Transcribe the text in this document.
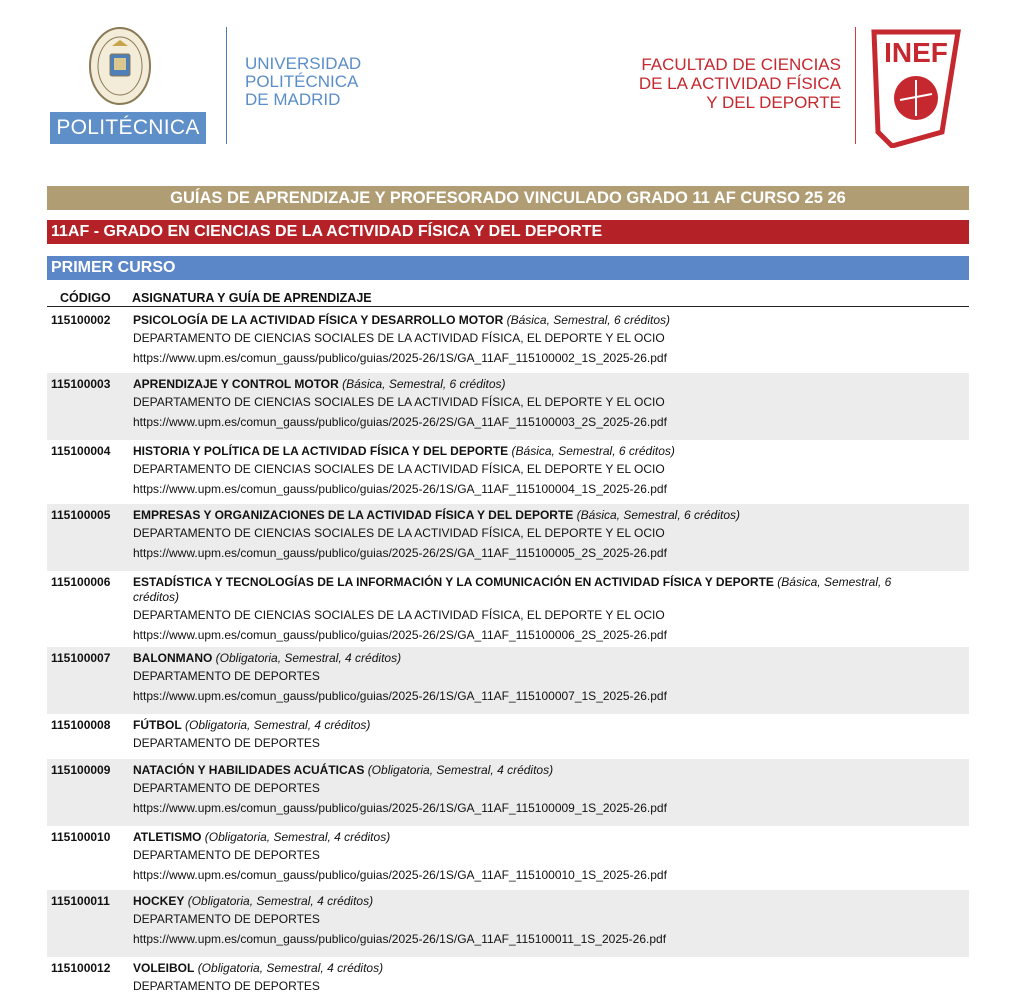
POLITÉCNICA
UNIVERSIDAD
POLITÉCNICA
DE MADRID
FACULTAD DE CIENCIAS
DE LA ACTIVIDAD FÍSICA
Y DEL DEPORTE
INEF
GUÍAS DE APRENDIZAJE Y PROFESORADO VINCULADO GRADO 11 AF CURSO 25 26
11AF - GRADO EN CIENCIAS DE LA ACTIVIDAD FÍSICA Y DEL DEPORTE
PRIMER CURSO
CÓDIGO ASIGNATURA Y GUÍA DE APRENDIZAJE
115100002 PSICOLOGÍA DE LA ACTIVIDAD FÍSICA Y DESARROLLO MOTOR (Básica, Semestral, 6 créditos)
DEPARTAMENTO DE CIENCIAS SOCIALES DE LA ACTIVIDAD FÍSICA, EL DEPORTE Y EL OCIO
https://www.upm.es/comun_gauss/publico/guias/2025-26/1S/GA_11AF_115100002_1S_2025-26.pdf
115100003 APRENDIZAJE Y CONTROL MOTOR (Básica, Semestral, 6 créditos)
DEPARTAMENTO DE CIENCIAS SOCIALES DE LA ACTIVIDAD FÍSICA, EL DEPORTE Y EL OCIO
https://www.upm.es/comun_gauss/publico/guias/2025-26/2S/GA_11AF_115100003_2S_2025-26.pdf
115100004 HISTORIA Y POLÍTICA DE LA ACTIVIDAD FÍSICA Y DEL DEPORTE (Básica, Semestral, 6 créditos)
DEPARTAMENTO DE CIENCIAS SOCIALES DE LA ACTIVIDAD FÍSICA, EL DEPORTE Y EL OCIO
https://www.upm.es/comun_gauss/publico/guias/2025-26/1S/GA_11AF_115100004_1S_2025-26.pdf
115100005 EMPRESAS Y ORGANIZACIONES DE LA ACTIVIDAD FÍSICA Y DEL DEPORTE (Básica, Semestral, 6 créditos)
DEPARTAMENTO DE CIENCIAS SOCIALES DE LA ACTIVIDAD FÍSICA, EL DEPORTE Y EL OCIO
https://www.upm.es/comun_gauss/publico/guias/2025-26/2S/GA_11AF_115100005_2S_2025-26.pdf
115100006 ESTADÍSTICA Y TECNOLOGÍAS DE LA INFORMACIÓN Y LA COMUNICACIÓN EN ACTIVIDAD FÍSICA Y DEPORTE (Básica, Semestral, 6 créditos)
DEPARTAMENTO DE CIENCIAS SOCIALES DE LA ACTIVIDAD FÍSICA, EL DEPORTE Y EL OCIO
https://www.upm.es/comun_gauss/publico/guias/2025-26/2S/GA_11AF_115100006_2S_2025-26.pdf
115100007 BALONMANO (Obligatoria, Semestral, 4 créditos)
DEPARTAMENTO DE DEPORTES
https://www.upm.es/comun_gauss/publico/guias/2025-26/1S/GA_11AF_115100007_1S_2025-26.pdf
115100008 FÚTBOL (Obligatoria, Semestral, 4 créditos)
DEPARTAMENTO DE DEPORTES
115100009 NATACIÓN Y HABILIDADES ACUÁTICAS (Obligatoria, Semestral, 4 créditos)
DEPARTAMENTO DE DEPORTES
https://www.upm.es/comun_gauss/publico/guias/2025-26/1S/GA_11AF_115100009_1S_2025-26.pdf
115100010 ATLETISMO (Obligatoria, Semestral, 4 créditos)
DEPARTAMENTO DE DEPORTES
https://www.upm.es/comun_gauss/publico/guias/2025-26/1S/GA_11AF_115100010_1S_2025-26.pdf
115100011 HOCKEY (Obligatoria, Semestral, 4 créditos)
DEPARTAMENTO DE DEPORTES
https://www.upm.es/comun_gauss/publico/guias/2025-26/1S/GA_11AF_115100011_1S_2025-26.pdf
115100012 VOLEIBOL (Obligatoria, Semestral, 4 créditos)
DEPARTAMENTO DE DEPORTES
